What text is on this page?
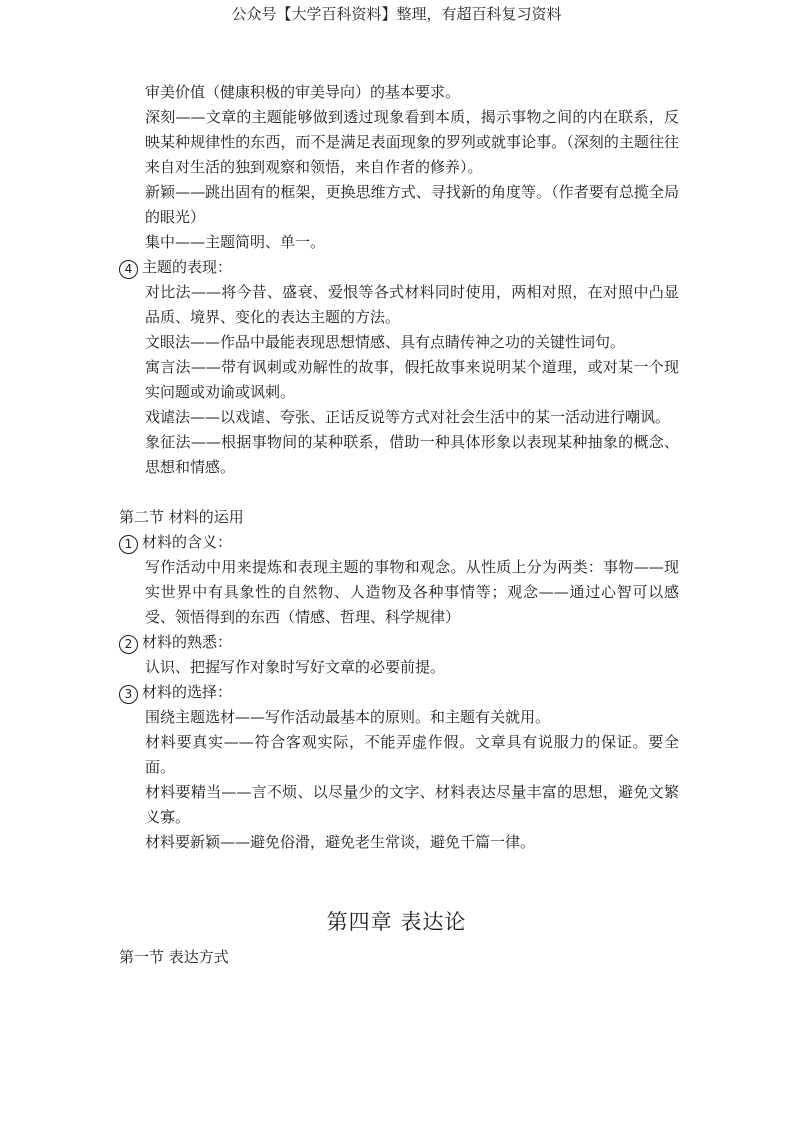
公众号【大学百科资料】整理，有超百科复习资料
审美价值（健康积极的审美导向）的基本要求。
深刻——文章的主题能够做到透过现象看到本质，揭示事物之间的内在联系，反映某种规律性的东西，而不是满足表面现象的罗列或就事论事。（深刻的主题往往来自对生活的独到观察和领悟，来自作者的修养）。
新颖——跳出固有的框架，更换思维方式、寻找新的角度等。（作者要有总揽全局的眼光）
集中——主题简明、单一。
4 主题的表现：
对比法——将今昔、盛衰、爱恨等各式材料同时使用，两相对照，在对照中凸显品质、境界、变化的表达主题的方法。
文眼法——作品中最能表现思想情感、具有点睛传神之功的关键性词句。
寓言法——带有讽刺或劝解性的故事，假托故事来说明某个道理，或对某一个现实问题或劝谕或讽刺。
戏谑法——以戏谑、夸张、正话反说等方式对社会生活中的某一活动进行嘲讽。
象征法——根据事物间的某种联系，借助一种具体形象以表现某种抽象的概念、思想和情感。
第二节 材料的运用
1 材料的含义：
写作活动中用来提炼和表现主题的事物和观念。从性质上分为两类：事物——现实世界中有具象性的自然物、人造物及各种事情等；观念——通过心智可以感受、领悟得到的东西（情感、哲理、科学规律）
2 材料的熟悉：
认识、把握写作对象时写好文章的必要前提。
3 材料的选择：
围绕主题选材——写作活动最基本的原则。和主题有关就用。
材料要真实——符合客观实际，不能弄虚作假。文章具有说服力的保证。要全面。
材料要精当——言不烦、以尽量少的文字、材料表达尽量丰富的思想，避免文繁义寡。
材料要新颖——避免俗滑，避免老生常谈，避免千篇一律。
第四章 表达论
第一节 表达方式
